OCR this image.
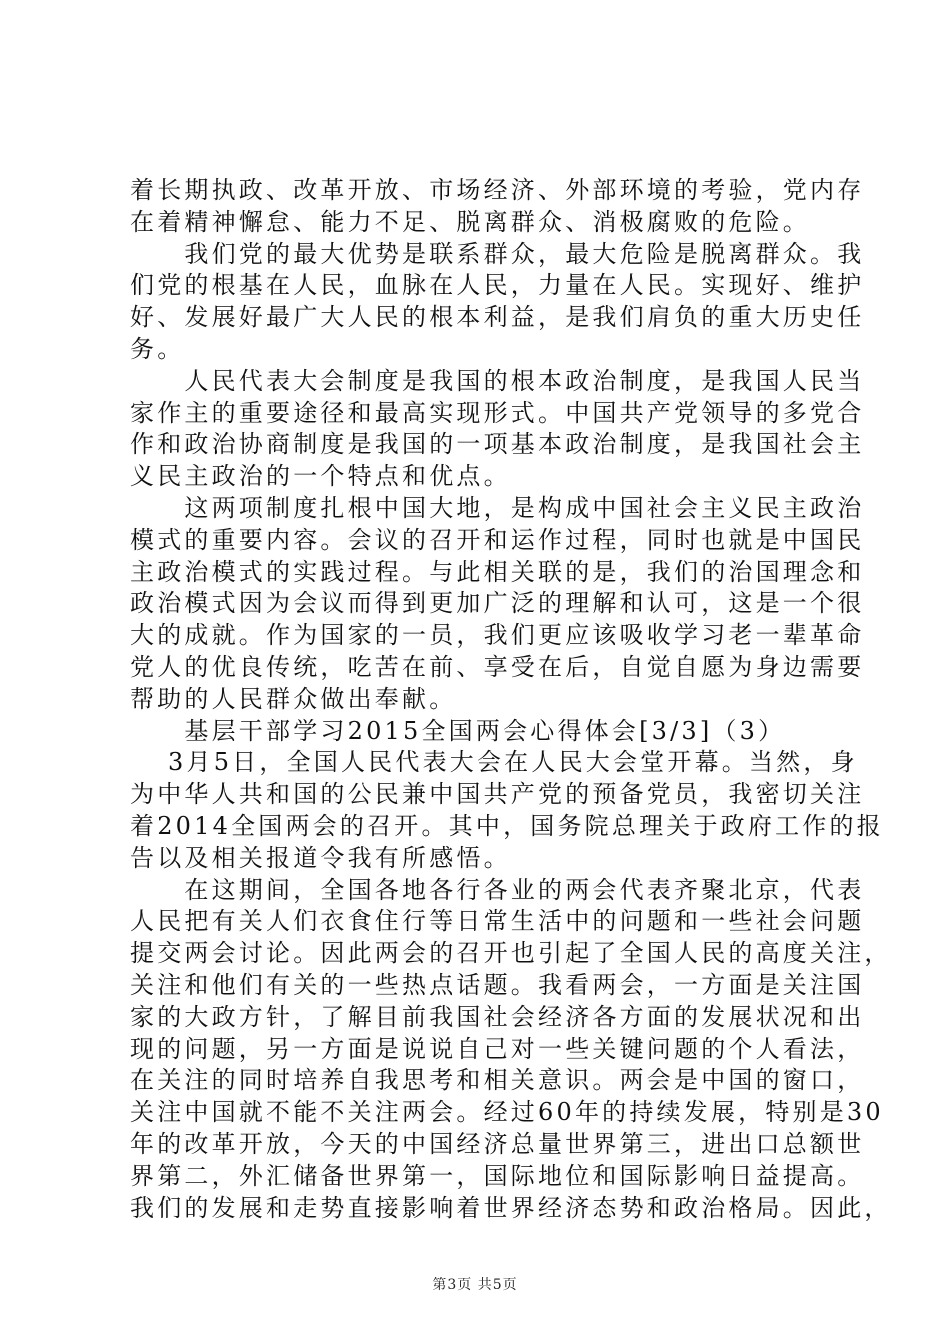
着长期执政、改革开放、市场经济、外部环境的考验，党内存
在着精神懈怠、能力不足、脱离群众、消极腐败的危险。
　　我们党的最大优势是联系群众，最大危险是脱离群众。我
们党的根基在人民，血脉在人民，力量在人民。实现好、维护
好、发展好最广大人民的根本利益，是我们肩负的重大历史任
务。
　　人民代表大会制度是我国的根本政治制度，是我国人民当
家作主的重要途径和最高实现形式。中国共产党领导的多党合
作和政治协商制度是我国的一项基本政治制度，是我国社会主
义民主政治的一个特点和优点。
　　这两项制度扎根中国大地，是构成中国社会主义民主政治
模式的重要内容。会议的召开和运作过程，同时也就是中国民
主政治模式的实践过程。与此相关联的是，我们的治国理念和
政治模式因为会议而得到更加广泛的理解和认可，这是一个很
大的成就。作为国家的一员，我们更应该吸收学习老一辈革命
党人的优良传统，吃苦在前、享受在后，自觉自愿为身边需要
帮助的人民群众做出奉献。
　　基层干部学习2015全国两会心得体会[3/3]（3）
　 3月5日，全国人民代表大会在人民大会堂开幕。当然，身
为中华人共和国的公民兼中国共产党的预备党员，我密切关注
着2014全国两会的召开。其中，国务院总理关于政府工作的报
告以及相关报道令我有所感悟。
　　在这期间，全国各地各行各业的两会代表齐聚北京，代表
人民把有关人们衣食住行等日常生活中的问题和一些社会问题
提交两会讨论。因此两会的召开也引起了全国人民的高度关注，
关注和他们有关的一些热点话题。我看两会，一方面是关注国
家的大政方针，了解目前我国社会经济各方面的发展状况和出
现的问题，另一方面是说说自己对一些关键问题的个人看法，
在关注的同时培养自我思考和相关意识。两会是中国的窗口，
关注中国就不能不关注两会。经过60年的持续发展，特别是30
年的改革开放，今天的中国经济总量世界第三，进出口总额世
界第二，外汇储备世界第一，国际地位和国际影响日益提高。
我们的发展和走势直接影响着世界经济态势和政治格局。因此，
第3页 共5页
